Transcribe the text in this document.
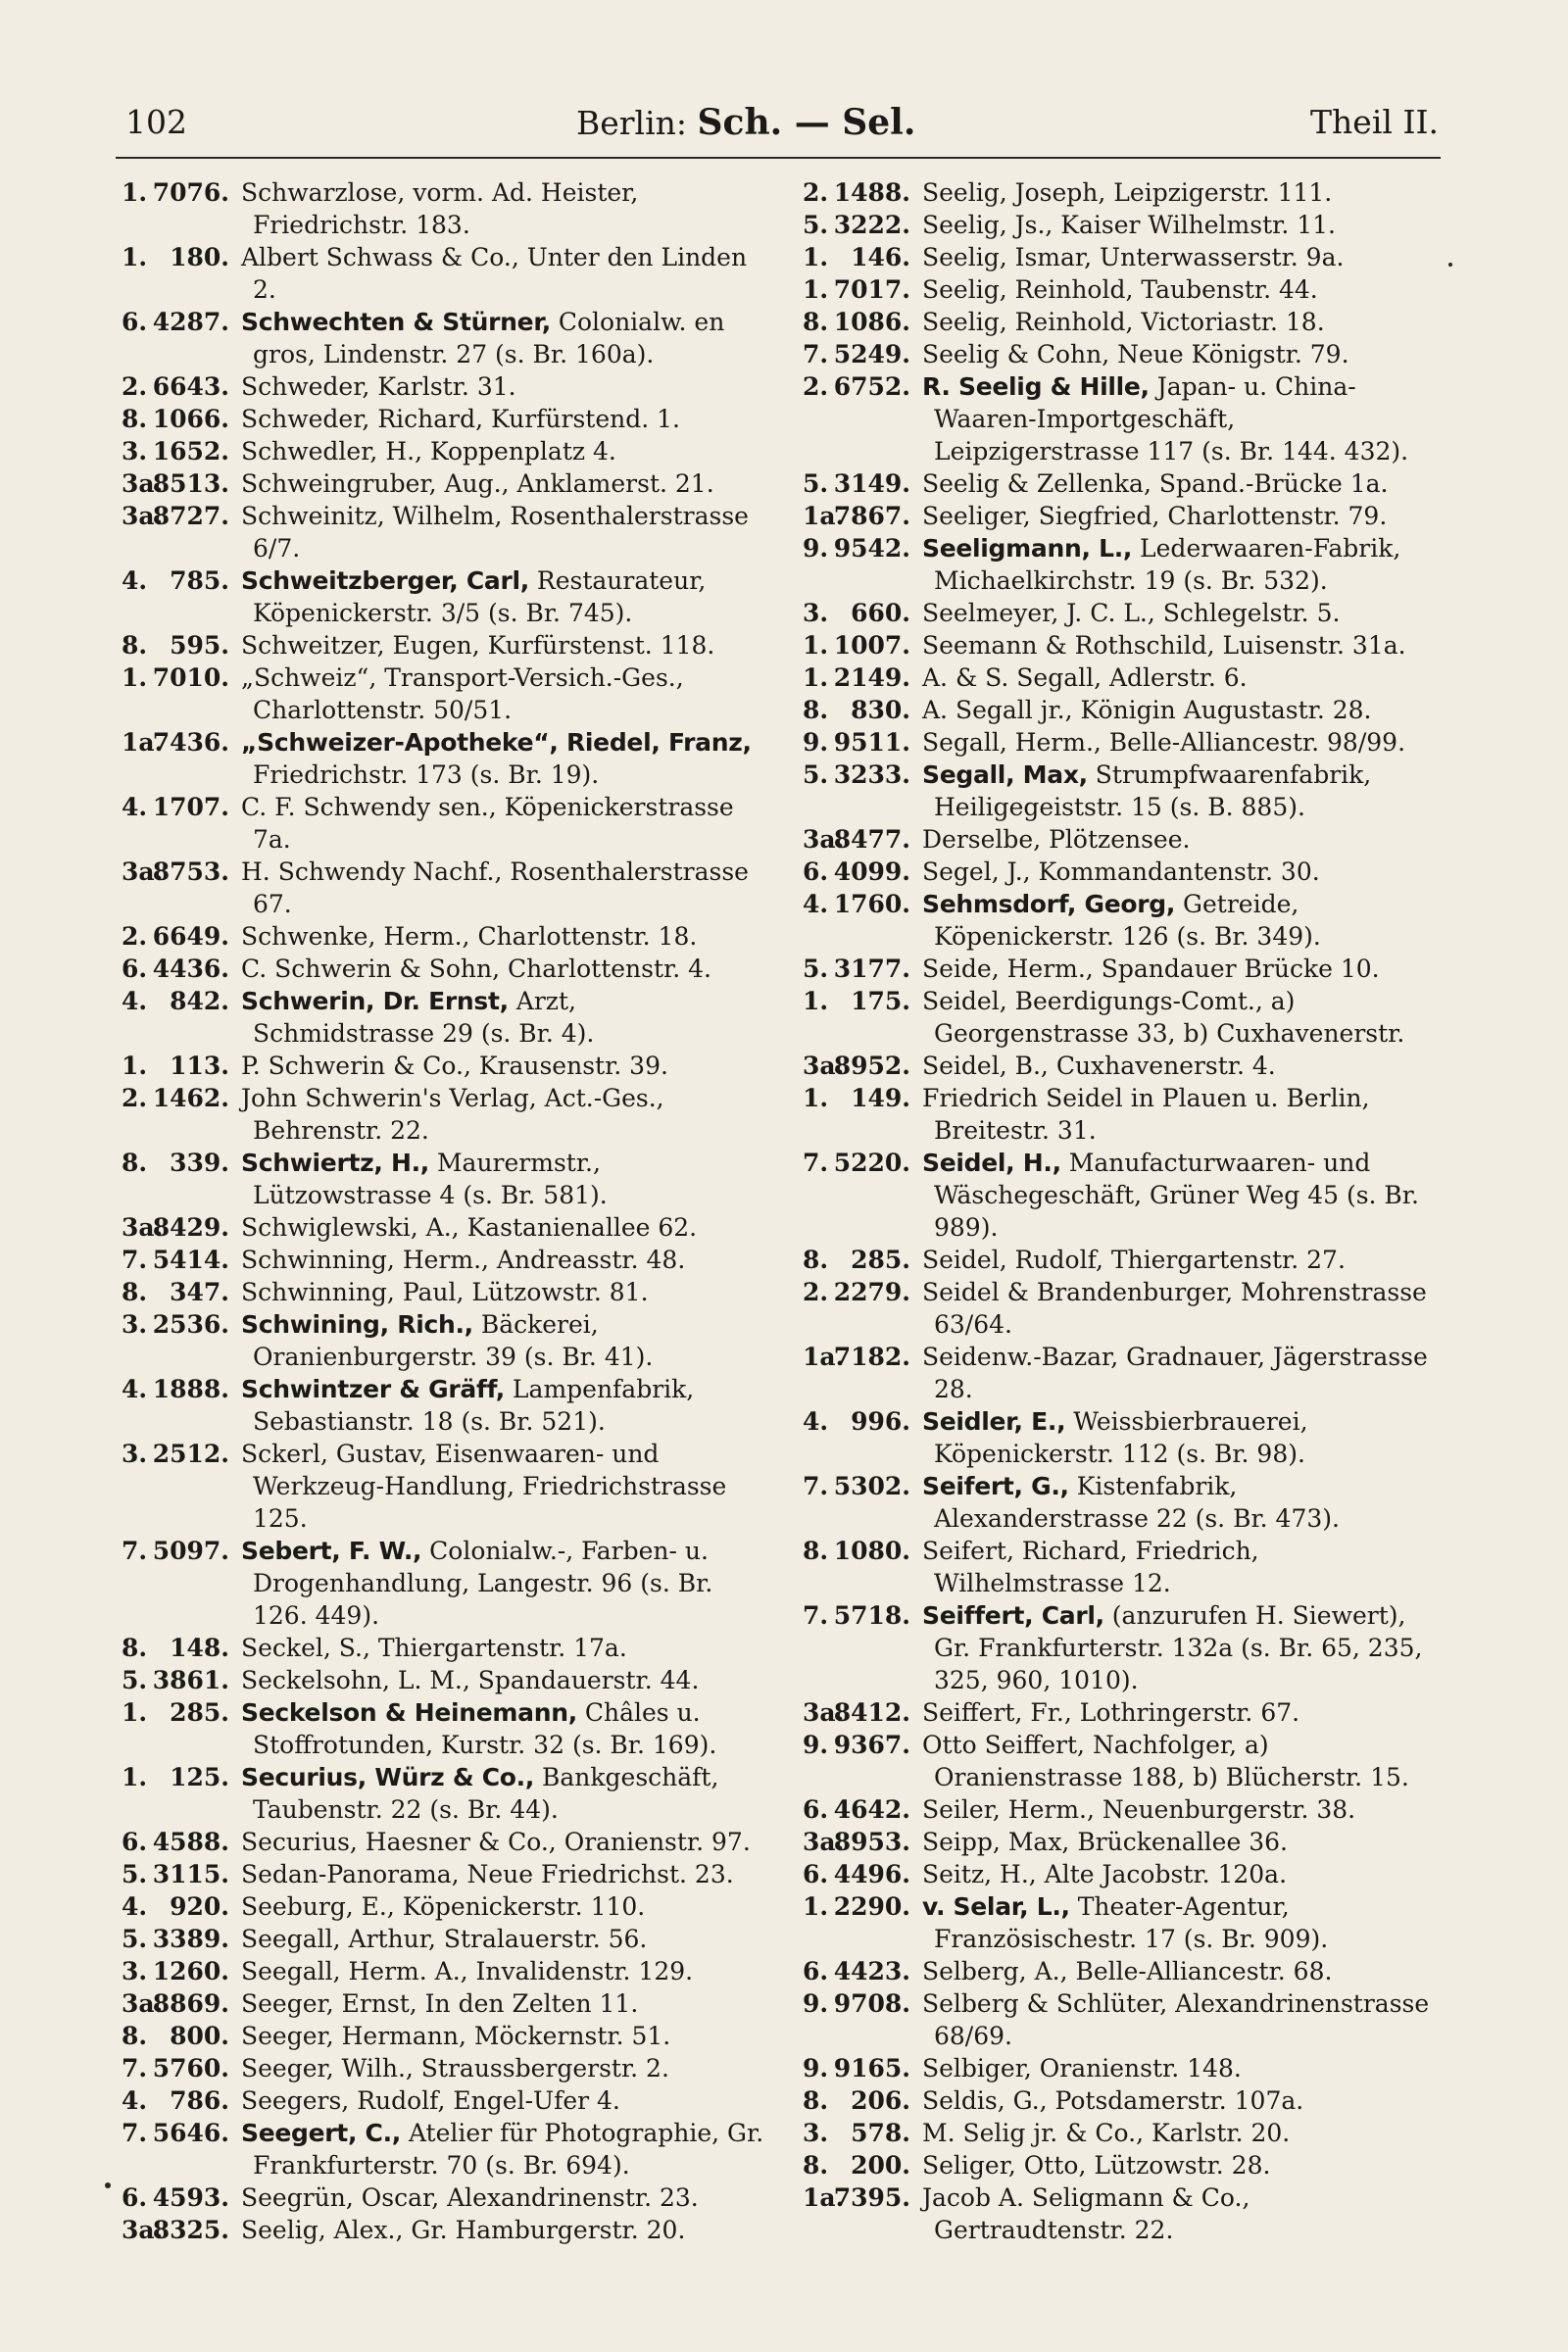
102	Berlin: Sch. — Sel.	Theil II.
1. 7076. Schwarzlose, vorm. Ad. Heister, Friedrichstr. 183.
1. 180. Albert Schwass & Co., Unter den Linden 2.
6. 4287. Schwechten & Stürner, Colonialw. en gros, Lindenstr. 27 (s. Br. 160a).
2. 6643. Schweder, Karlstr. 31.
8. 1066. Schweder, Richard, Kurfürstend. 1.
3. 1652. Schwedler, H., Koppenplatz 4.
3a.8513. Schweingruber, Aug., Anklamerst. 21.
3a.8727. Schweinitz, Wilhelm, Rosenthalerstrasse 6/7.
4. 785. Schweitzberger, Carl, Restaurateur, Köpenickerstr. 3/5 (s. Br. 745).
8. 595. Schweitzer, Eugen, Kurfürstenst. 118.
1. 7010. „Schweiz“, Transport-Versich.-Ges., Charlottenstr. 50/51.
1a.7436. „Schweizer-Apotheke“, Riedel, Franz, Friedrichstr. 173 (s. Br. 19).
4. 1707. C. F. Schwendy sen., Köpenickerstrasse 7a.
3a.8753. H. Schwendy Nachf., Rosenthalerstrasse 67.
2. 6649. Schwenke, Herm., Charlottenstr. 18.
6. 4436. C. Schwerin & Sohn, Charlottenstr. 4.
4. 842. Schwerin, Dr. Ernst, Arzt, Schmidstrasse 29 (s. Br. 4).
1. 113. P. Schwerin & Co., Krausenstr. 39.
2. 1462. John Schwerin's Verlag, Act.-Ges., Behrenstr. 22.
8. 339. Schwiertz, H., Maurermstr., Lützowstrasse 4 (s. Br. 581).
3a.8429. Schwiglewski, A., Kastanienallee 62.
7. 5414. Schwinning, Herm., Andreasstr. 48.
8. 347. Schwinning, Paul, Lützowstr. 81.
3. 2536. Schwining, Rich., Bäckerei, Oranienburgerstr. 39 (s. Br. 41).
4. 1888. Schwintzer & Gräff, Lampenfabrik, Sebastianstr. 18 (s. Br. 521).
3. 2512. Sckerl, Gustav, Eisenwaaren- und Werkzeug-Handlung, Friedrichstrasse 125.
7. 5097. Sebert, F. W., Colonialw.-, Farben- u. Drogenhandlung, Langestr. 96 (s. Br. 126. 449).
8. 148. Seckel, S., Thiergartenstr. 17a.
5. 3861. Seckelsohn, L. M., Spandauerstr. 44.
1. 285. Seckelson & Heinemann, Châles u. Stoffrotunden, Kurstr. 32 (s. Br. 169).
1. 125. Securius, Würz & Co., Bankgeschäft, Taubenstr. 22 (s. Br. 44).
6. 4588. Securius, Haesner & Co., Oranienstr. 97.
5. 3115. Sedan-Panorama, Neue Friedrichst. 23.
4. 920. Seeburg, E., Köpenickerstr. 110.
5. 3389. Seegall, Arthur, Stralauerstr. 56.
3. 1260. Seegall, Herm. A., Invalidenstr. 129.
3a.8869. Seeger, Ernst, In den Zelten 11.
8. 800. Seeger, Hermann, Möckernstr. 51.
7. 5760. Seeger, Wilh., Straussbergerstr. 2.
4. 786. Seegers, Rudolf, Engel-Ufer 4.
7. 5646. Seegert, C., Atelier für Photographie, Gr. Frankfurterstr. 70 (s. Br. 694).
6. 4593. Seegrün, Oscar, Alexandrinenstr. 23.
3a.8325. Seelig, Alex., Gr. Hamburgerstr. 20.
2. 1488. Seelig, Joseph, Leipzigerstr. 111.
5. 3222. Seelig, Js., Kaiser Wilhelmstr. 11.
1. 146. Seelig, Ismar, Unterwasserstr. 9a.
1. 7017. Seelig, Reinhold, Taubenstr. 44.
8. 1086. Seelig, Reinhold, Victoriastr. 18.
7. 5249. Seelig & Cohn, Neue Königstr. 79.
2. 6752. R. Seelig & Hille, Japan- u. China-Waaren-Importgeschäft, Leipzigerstrasse 117 (s. Br. 144. 432).
5. 3149. Seelig & Zellenka, Spand.-Brücke 1a.
1a.7867. Seeliger, Siegfried, Charlottenstr. 79.
9. 9542. Seeligmann, L., Lederwaaren-Fabrik, Michaelkirchstr. 19 (s. Br. 532).
3. 660. Seelmeyer, J. C. L., Schlegelstr. 5.
1. 1007. Seemann & Rothschild, Luisenstr. 31a.
1. 2149. A. & S. Segall, Adlerstr. 6.
8. 830. A. Segall jr., Königin Augustastr. 28.
9. 9511. Segall, Herm., Belle-Alliancestr. 98/99.
5. 3233. Segall, Max, Strumpfwaarenfabrik, Heiligegeiststr. 15 (s. B. 885).
3a.8477. Derselbe, Plötzensee.
6. 4099. Segel, J., Kommandantenstr. 30.
4. 1760. Sehmsdorf, Georg, Getreide, Köpenickerstr. 126 (s. Br. 349).
5. 3177. Seide, Herm., Spandauer Brücke 10.
1. 175. Seidel, Beerdigungs-Comt., a) Georgenstrasse 33, b) Cuxhavenerstr.
3a.8952. Seidel, B., Cuxhavenerstr. 4.
1. 149. Friedrich Seidel in Plauen u. Berlin, Breitestr. 31.
7. 5220. Seidel, H., Manufacturwaaren- und Wäschegeschäft, Grüner Weg 45 (s. Br. 989).
8. 285. Seidel, Rudolf, Thiergartenstr. 27.
2. 2279. Seidel & Brandenburger, Mohrenstrasse 63/64.
1a.7182. Seidenw.-Bazar, Gradnauer, Jägerstrasse 28.
4. 996. Seidler, E., Weissbierbrauerei, Köpenickerstr. 112 (s. Br. 98).
7. 5302. Seifert, G., Kistenfabrik, Alexanderstrasse 22 (s. Br. 473).
8. 1080. Seifert, Richard, Friedrich, Wilhelmstrasse 12.
7. 5718. Seiffert, Carl, (anzurufen H. Siewert), Gr. Frankfurterstr. 132a (s. Br. 65, 235, 325, 960, 1010).
3a.8412. Seiffert, Fr., Lothringerstr. 67.
9. 9367. Otto Seiffert, Nachfolger, a) Oranienstrasse 188, b) Blücherstr. 15.
6. 4642. Seiler, Herm., Neuenburgerstr. 38.
3a.8953. Seipp, Max, Brückenallee 36.
6. 4496. Seitz, H., Alte Jacobstr. 120a.
1. 2290. v. Selar, L., Theater-Agentur, Französischestr. 17 (s. Br. 909).
6. 4423. Selberg, A., Belle-Alliancestr. 68.
9. 9708. Selberg & Schlüter, Alexandrinenstrasse 68/69.
9. 9165. Selbiger, Oranienstr. 148.
8. 206. Seldis, G., Potsdamerstr. 107a.
3. 578. M. Selig jr. & Co., Karlstr. 20.
8. 200. Seliger, Otto, Lützowstr. 28.
1a.7395. Jacob A. Seligmann & Co., Gertraudtenstr. 22.
